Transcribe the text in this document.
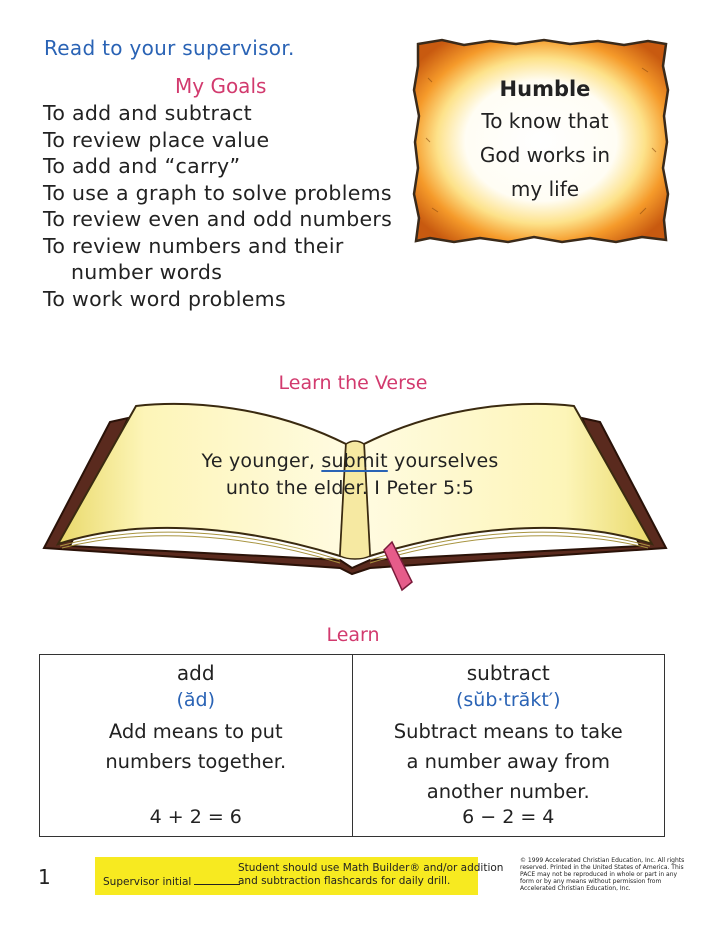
Read to your supervisor.
My Goals
To add and subtract
To review place value
To add and “carry”
To use a graph to solve problems
To review even and odd numbers
To review numbers and their
number words
To work word problems
Humble
To know that
God works in
my life
Learn the Verse
Ye younger, submit yourselves
unto the elder. I Peter 5:5
Learn
add
(ăd)
Add means to put
numbers together.
4 + 2 = 6
subtract
(sŭb·trăkt′)
Subtract means to take
a number away from
another number.
6 − 2 = 4
1	Supervisor initial
Student should use Math Builder® and/or addition
and subtraction flashcards for daily drill.
© 1999 Accelerated Christian Education, Inc. All rights reserved. Printed in the United States of America. This PACE may not be reproduced in whole or part in any form or by any means without permission from Accelerated Christian Education, Inc.
